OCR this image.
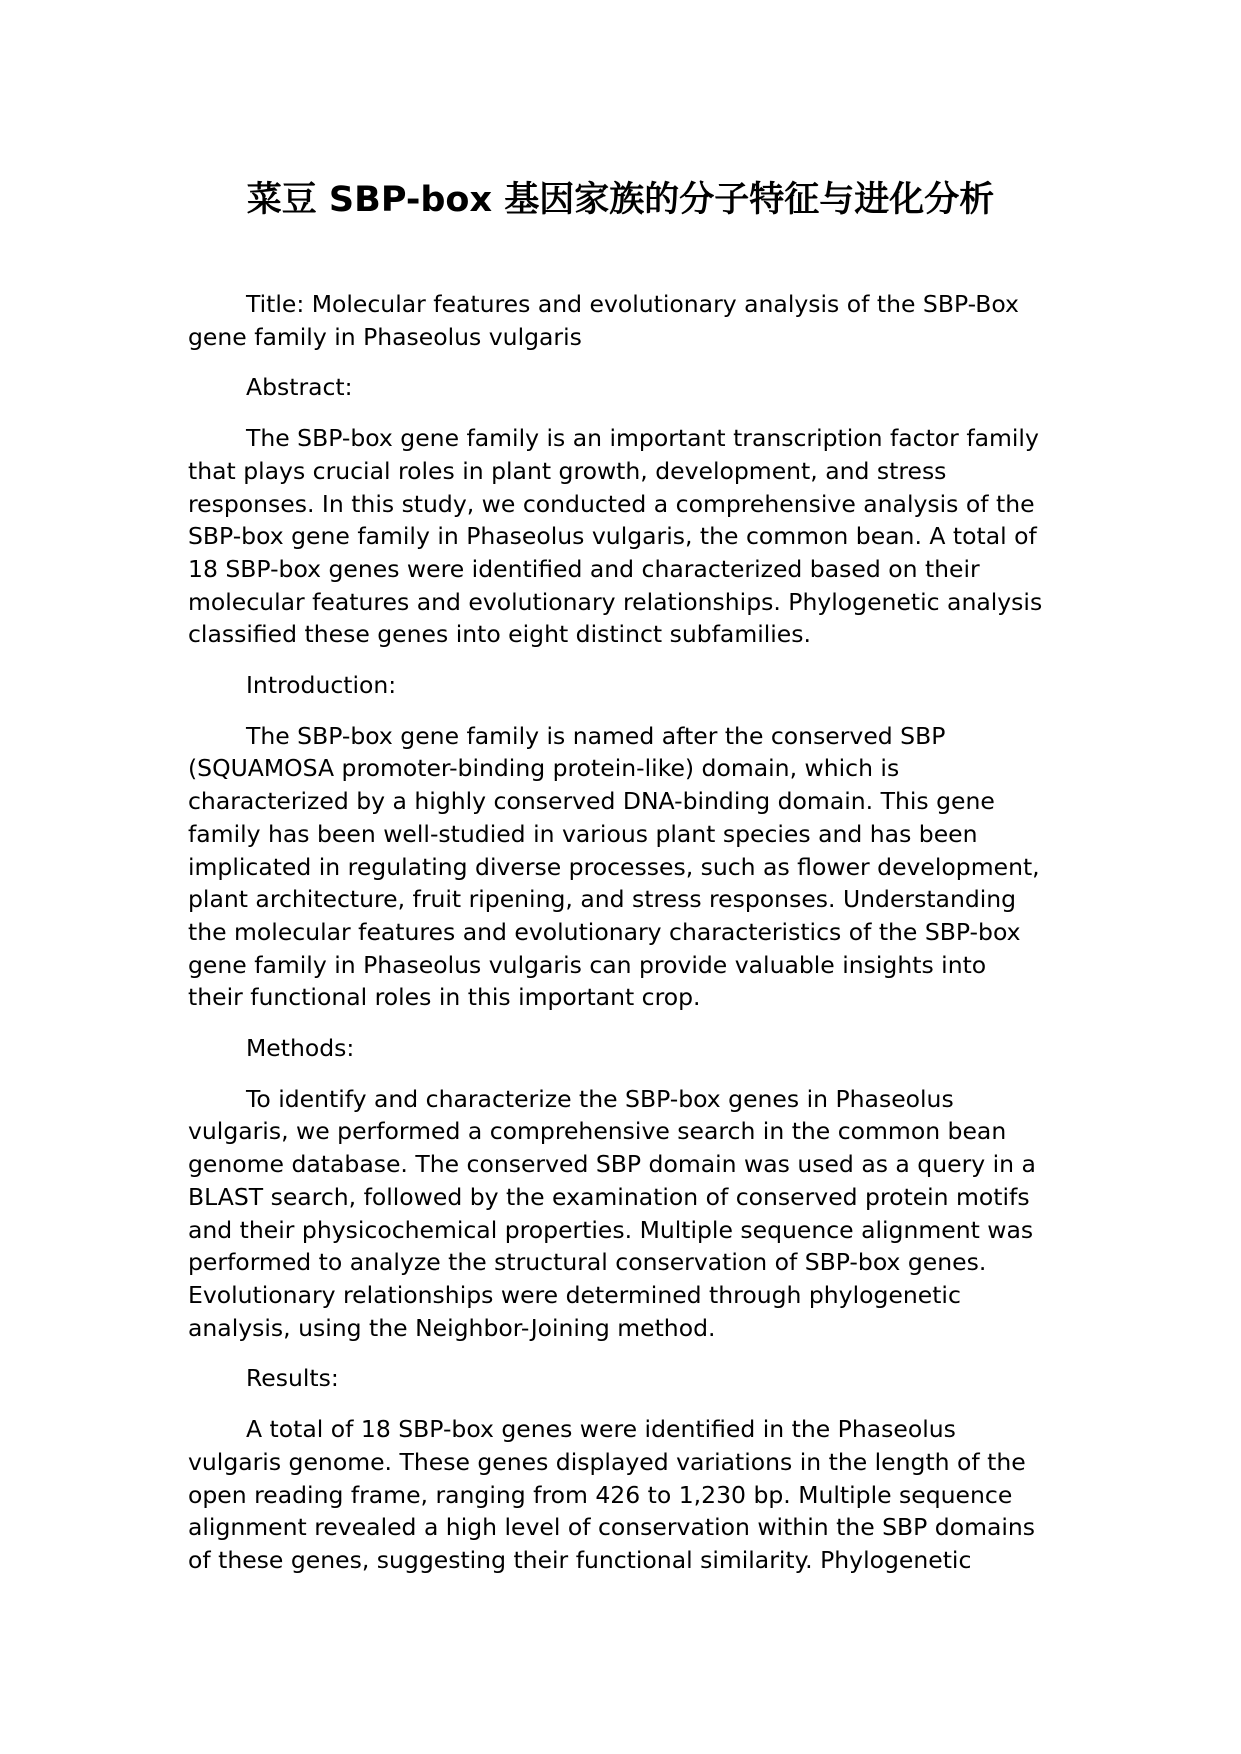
菜豆 SBP-box 基因家族的分子特征与进化分析

Title: Molecular features and evolutionary analysis of the SBP-Box
gene family in Phaseolus vulgaris

Abstract:

The SBP-box gene family is an important transcription factor family
that plays crucial roles in plant growth, development, and stress
responses. In this study, we conducted a comprehensive analysis of the
SBP-box gene family in Phaseolus vulgaris, the common bean. A total of
18 SBP-box genes were identified and characterized based on their
molecular features and evolutionary relationships. Phylogenetic analysis
classified these genes into eight distinct subfamilies.

Introduction:

The SBP-box gene family is named after the conserved SBP
(SQUAMOSA promoter-binding protein-like) domain, which is
characterized by a highly conserved DNA-binding domain. This gene
family has been well-studied in various plant species and has been
implicated in regulating diverse processes, such as flower development,
plant architecture, fruit ripening, and stress responses. Understanding
the molecular features and evolutionary characteristics of the SBP-box
gene family in Phaseolus vulgaris can provide valuable insights into
their functional roles in this important crop.

Methods:

To identify and characterize the SBP-box genes in Phaseolus
vulgaris, we performed a comprehensive search in the common bean
genome database. The conserved SBP domain was used as a query in a
BLAST search, followed by the examination of conserved protein motifs
and their physicochemical properties. Multiple sequence alignment was
performed to analyze the structural conservation of SBP-box genes.
Evolutionary relationships were determined through phylogenetic
analysis, using the Neighbor-Joining method.

Results:

A total of 18 SBP-box genes were identified in the Phaseolus
vulgaris genome. These genes displayed variations in the length of the
open reading frame, ranging from 426 to 1,230 bp. Multiple sequence
alignment revealed a high level of conservation within the SBP domains
of these genes, suggesting their functional similarity. Phylogenetic
